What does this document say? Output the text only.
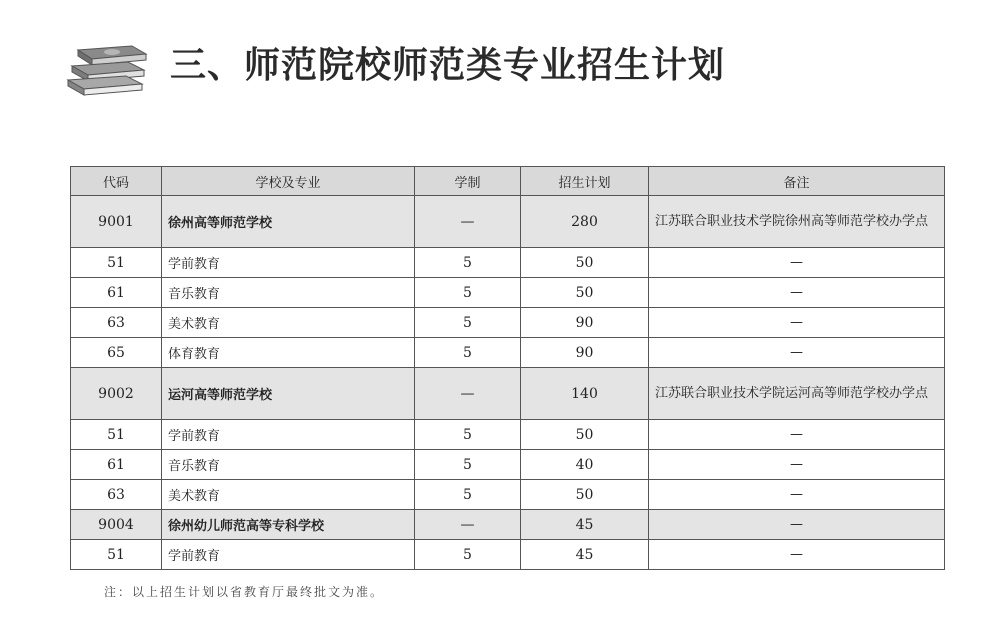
三、师范院校师范类专业招生计划
代码	学校及专业	学制	招生计划	备注
9001	徐州高等师范学校	—	280	江苏联合职业技术学院徐州高等师范学校办学点
51	学前教育	5	50	—
61	音乐教育	5	50	—
63	美术教育	5	90	—
65	体育教育	5	90	—
9002	运河高等师范学校	—	140	江苏联合职业技术学院运河高等师范学校办学点
51	学前教育	5	50	—
61	音乐教育	5	40	—
63	美术教育	5	50	—
9004	徐州幼儿师范高等专科学校	—	45	—
51	学前教育	5	45	—
注：以上招生计划以省教育厅最终批文为准。
